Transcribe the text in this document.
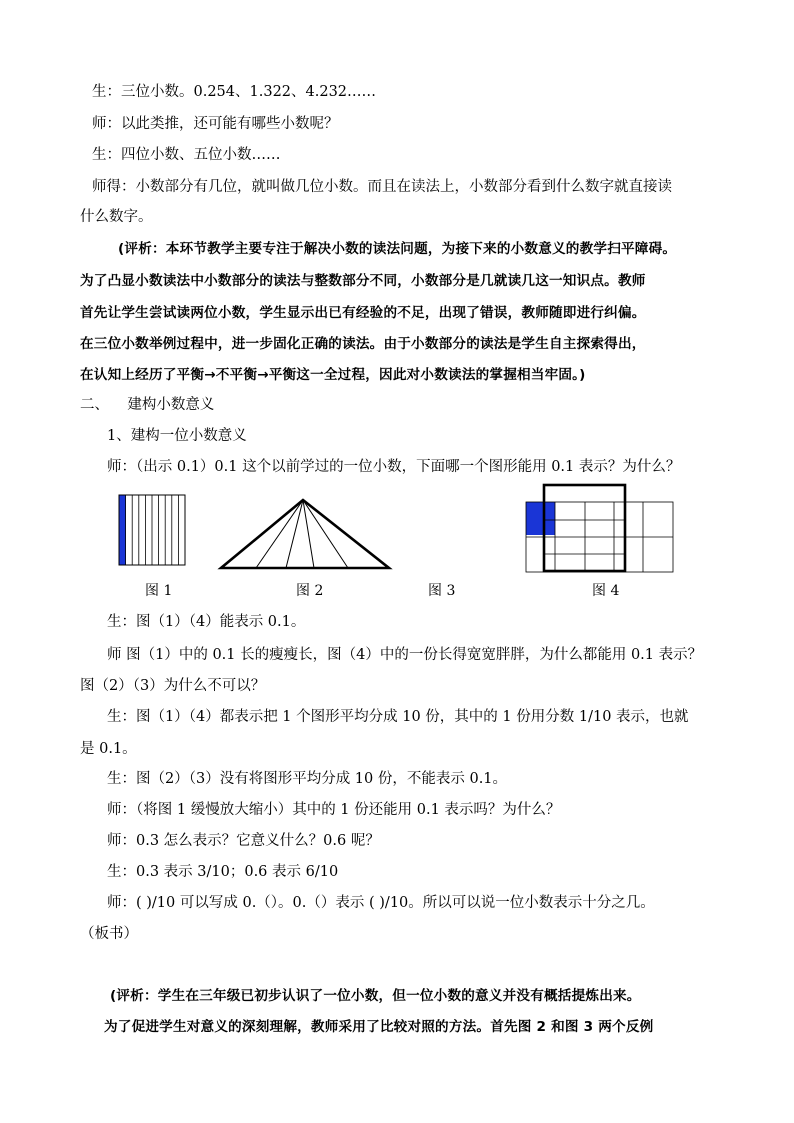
生：三位小数。0.254、1.322、4.232……
师：以此类推，还可能有哪些小数呢？
生：四位小数、五位小数……
师得：小数部分有几位，就叫做几位小数。而且在读法上，小数部分看到什么数字就直接读
什么数字。
(评析：本环节教学主要专注于解决小数的读法问题，为接下来的小数意义的教学扫平障碍。
为了凸显小数读法中小数部分的读法与整数部分不同，小数部分是几就读几这一知识点。教师
首先让学生尝试读两位小数，学生显示出已有经验的不足，出现了错误，教师随即进行纠偏。
在三位小数举例过程中，进一步固化正确的读法。由于小数部分的读法是学生自主探索得出，
在认知上经历了平衡→不平衡→平衡这一全过程，因此对小数读法的掌握相当牢固。)
二、    建构小数意义
1、建构一位小数意义
师：（出示 0.1）0.1 这个以前学过的一位小数，下面哪一个图形能用 0.1 表示？为什么？
图 1	图 2	图 3	图 4
生：图（1）（4）能表示 0.1。
师 图（1）中的 0.1 长的瘦瘦长，图（4）中的一份长得宽宽胖胖，为什么都能用 0.1 表示？
图（2）（3）为什么不可以？
生：图（1）（4）都表示把 1 个图形平均分成 10 份，其中的 1 份用分数 1/10 表示，也就
是 0.1。
生：图（2）（3）没有将图形平均分成 10 份，不能表示 0.1。
师：（将图 1 缓慢放大缩小）其中的 1 份还能用 0.1 表示吗？为什么？
师：0.3 怎么表示？它意义什么？0.6 呢？
生：0.3 表示 3/10；0.6 表示 6/10
师：( )/10 可以写成 0.（）。0.（）表示 ( )/10。所以可以说一位小数表示十分之几。
（板书）
(评析：学生在三年级已初步认识了一位小数，但一位小数的意义并没有概括提炼出来。
为了促进学生对意义的深刻理解，教师采用了比较对照的方法。首先图 2 和图 3 两个反例
